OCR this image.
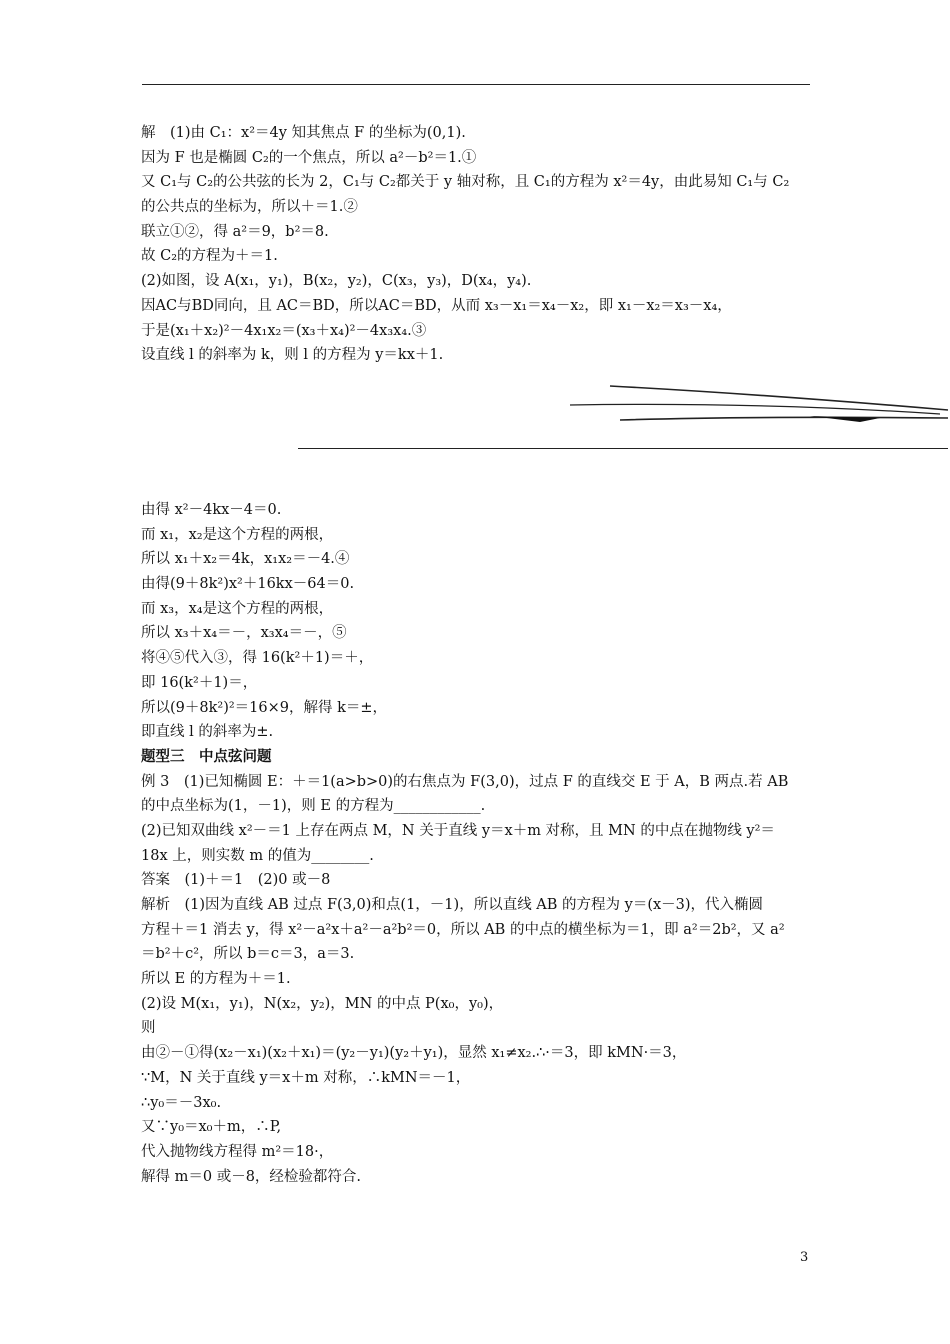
解　(1)由 C₁：x²＝4y 知其焦点 F 的坐标为(0,1).

因为 F 也是椭圆 C₂的一个焦点，所以 a²－b²＝1.①

又 C₁与 C₂的公共弦的长为 2，C₁与 C₂都关于 y 轴对称，且 C₁的方程为 x²＝4y，由此易知 C₁与 C₂

的公共点的坐标为，所以＋＝1.②

联立①②，得 a²＝9，b²＝8.

故 C₂的方程为＋＝1.

(2)如图，设 A(x₁，y₁)，B(x₂，y₂)，C(x₃，y₃)，D(x₄，y₄).

因AC与BD同向，且 AC＝BD，所以AC＝BD，从而 x₃－x₁＝x₄－x₂，即 x₁－x₂＝x₃－x₄，

于是(x₁＋x₂)²－4x₁x₂＝(x₃＋x₄)²－4x₃x₄.③

设直线 l 的斜率为 k，则 l 的方程为 y＝kx＋1.

由得 x²－4kx－4＝0.

而 x₁，x₂是这个方程的两根，

所以 x₁＋x₂＝4k，x₁x₂＝－4.④

由得(9＋8k²)x²＋16kx－64＝0.

而 x₃，x₄是这个方程的两根，

所以 x₃＋x₄＝－，x₃x₄＝－，⑤

将④⑤代入③，得 16(k²＋1)＝＋，

即 16(k²＋1)＝，

所以(9＋8k²)²＝16×9，解得 k＝±，

即直线 l 的斜率为±.

题型三　中点弦问题

例 3　(1)已知椭圆 E：＋＝1(a>b>0)的右焦点为 F(3,0)，过点 F 的直线交 E 于 A，B 两点.若 AB

的中点坐标为(1，－1)，则 E 的方程为____________.

(2)已知双曲线 x²－＝1 上存在两点 M，N 关于直线 y＝x＋m 对称，且 MN 的中点在抛物线 y²＝

18x 上，则实数 m 的值为________.

答案　(1)＋＝1　(2)0 或－8

解析　(1)因为直线 AB 过点 F(3,0)和点(1，－1)，所以直线 AB 的方程为 y＝(x－3)，代入椭圆

方程＋＝1 消去 y，得 x²－a²x＋a²－a²b²＝0，所以 AB 的中点的横坐标为＝1，即 a²＝2b²，又 a²

＝b²＋c²，所以 b＝c＝3，a＝3.

所以 E 的方程为＋＝1.

(2)设 M(x₁，y₁)，N(x₂，y₂)，MN 的中点 P(x₀，y₀)，

则

由②－①得(x₂－x₁)(x₂＋x₁)＝(y₂－y₁)(y₂＋y₁)，显然 x₁≠x₂.∴·＝3，即 kMN·＝3，

∵M，N 关于直线 y＝x＋m 对称，∴kMN＝－1，

∴y₀＝－3x₀.

又∵y₀＝x₀＋m，∴P,

代入抛物线方程得 m²＝18·，

解得 m＝0 或－8，经检验都符合.

3
